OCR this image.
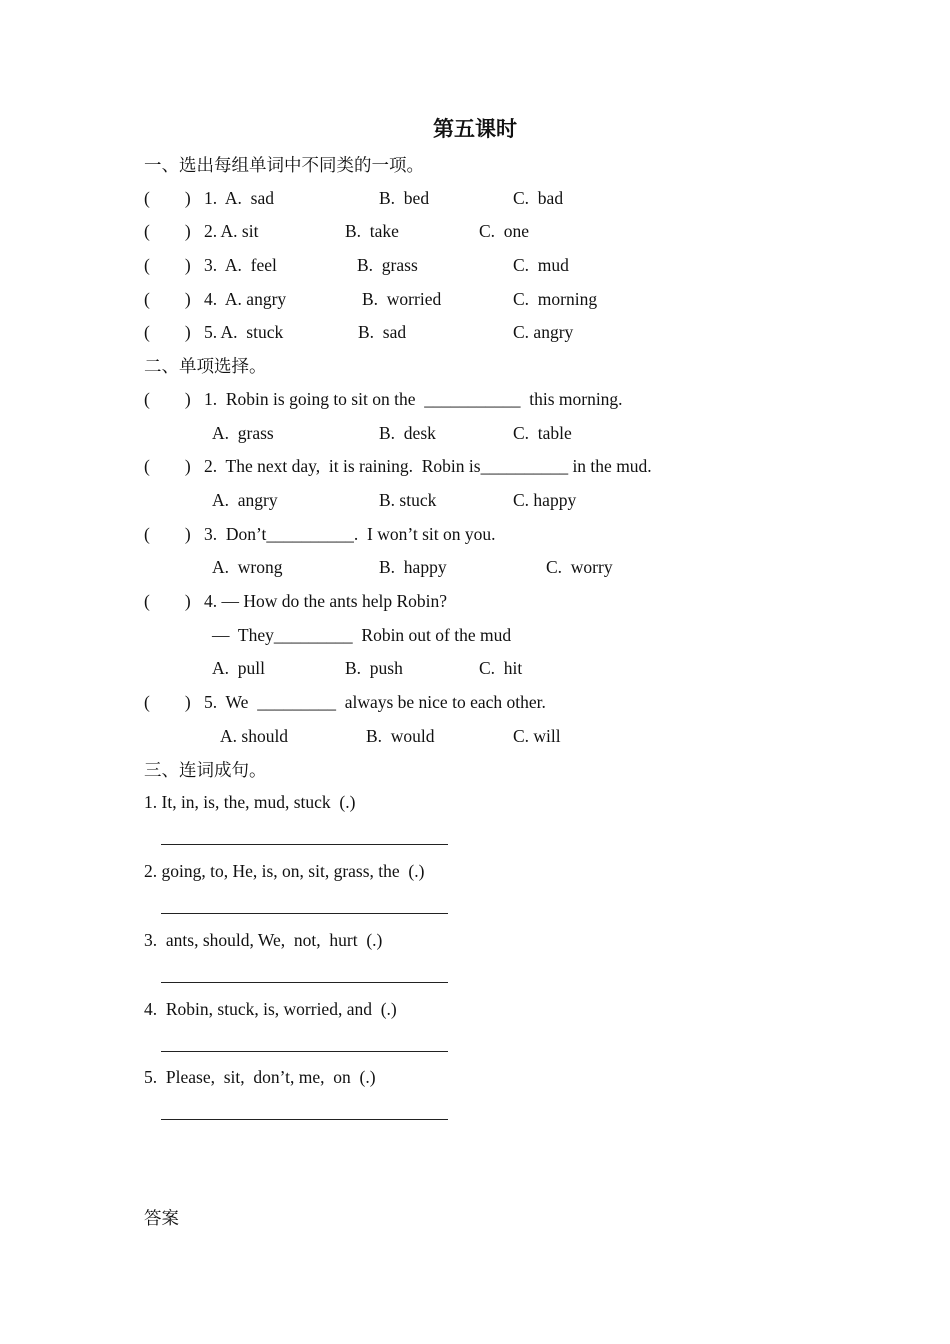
第五课时
一、选出每组单词中不同类的一项。
(        ) 1.  A.  sad	B.  bed	C.  bad
(        ) 2. A. sit	B.  take	C.  one
(        ) 3.  A.  feel	B.  grass	C.  mud
(        ) 4.  A. angry	B.  worried	C.  morning
(        ) 5. A.  stuck	B.  sad	C. angry
二、单项选择。
(        ) 1.  Robin is going to sit on the  ___________  this morning.
A.  grass	B.  desk	C.  table
(        ) 2.  The next day,  it is raining.  Robin is__________ in the mud.
A.  angry	B. stuck	C. happy
(        ) 3.  Don’t__________.  I won’t sit on you.
A.  wrong	B.  happy	C.  worry
(        ) 4. — How do the ants help Robin?
—  They_________  Robin out of the mud
A.  pull	B.  push	C.  hit
(        ) 5.  We  _________  always be nice to each other.
A. should	B.  would	C. will
三、连词成句。
1. It, in, is, the, mud, stuck  (.)
2. going, to, He, is, on, sit, grass, the  (.)
3.  ants, should, We,  not,  hurt  (.)
4.  Robin, stuck, is, worried, and  (.)
5.  Please,  sit,  don’t, me,  on  (.)
答案
